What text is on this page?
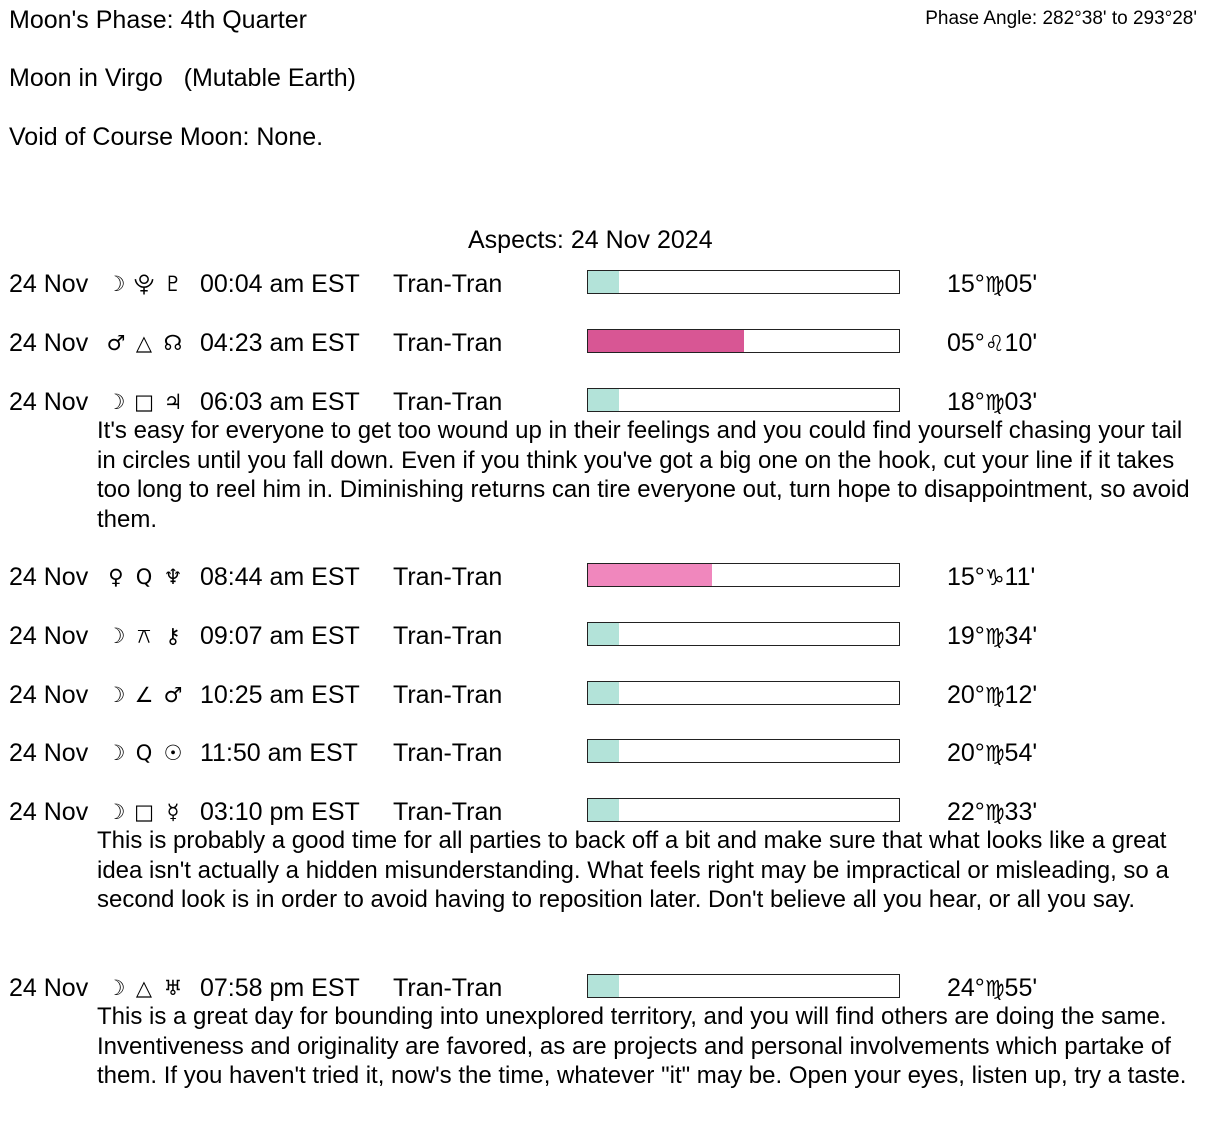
Moon's Phase: 4th Quarter	Phase Angle: 282°38' to 293°28'
Moon in Virgo   (Mutable Earth)
Void of Course Moon: None.
Aspects: 24 Nov 2024
24 Nov ☽ ⯓ ♇ 00:04 am EST Tran-Tran	15°♍05'
24 Nov ♂ △ ☊ 04:23 am EST Tran-Tran	05°♌10'
24 Nov ☽ □ ♃ 06:03 am EST Tran-Tran	18°♍03'
It's easy for everyone to get too wound up in their feelings and you could find yourself chasing your tail in circles until you fall down. Even if you think you've got a big one on the hook, cut your line if it takes too long to reel him in. Diminishing returns can tire everyone out, turn hope to disappointment, so avoid them.
24 Nov ♀ Q ♆ 08:44 am EST Tran-Tran	15°♑11'
24 Nov ☽ ⚻ ⚷ 09:07 am EST Tran-Tran	19°♍34'
24 Nov ☽ ∠ ♂ 10:25 am EST Tran-Tran	20°♍12'
24 Nov ☽ Q ☉ 11:50 am EST Tran-Tran	20°♍54'
24 Nov ☽ □ ☿ 03:10 pm EST Tran-Tran	22°♍33'
This is probably a good time for all parties to back off a bit and make sure that what looks like a great idea isn't actually a hidden misunderstanding. What feels right may be impractical or misleading, so a second look is in order to avoid having to reposition later. Don't believe all you hear, or all you say.
24 Nov ☽ △ ♅ 07:58 pm EST Tran-Tran	24°♍55'
This is a great day for bounding into unexplored territory, and you will find others are doing the same. Inventiveness and originality are favored, as are projects and personal involvements which partake of them. If you haven't tried it, now's the time, whatever "it" may be. Open your eyes, listen up, try a taste.
